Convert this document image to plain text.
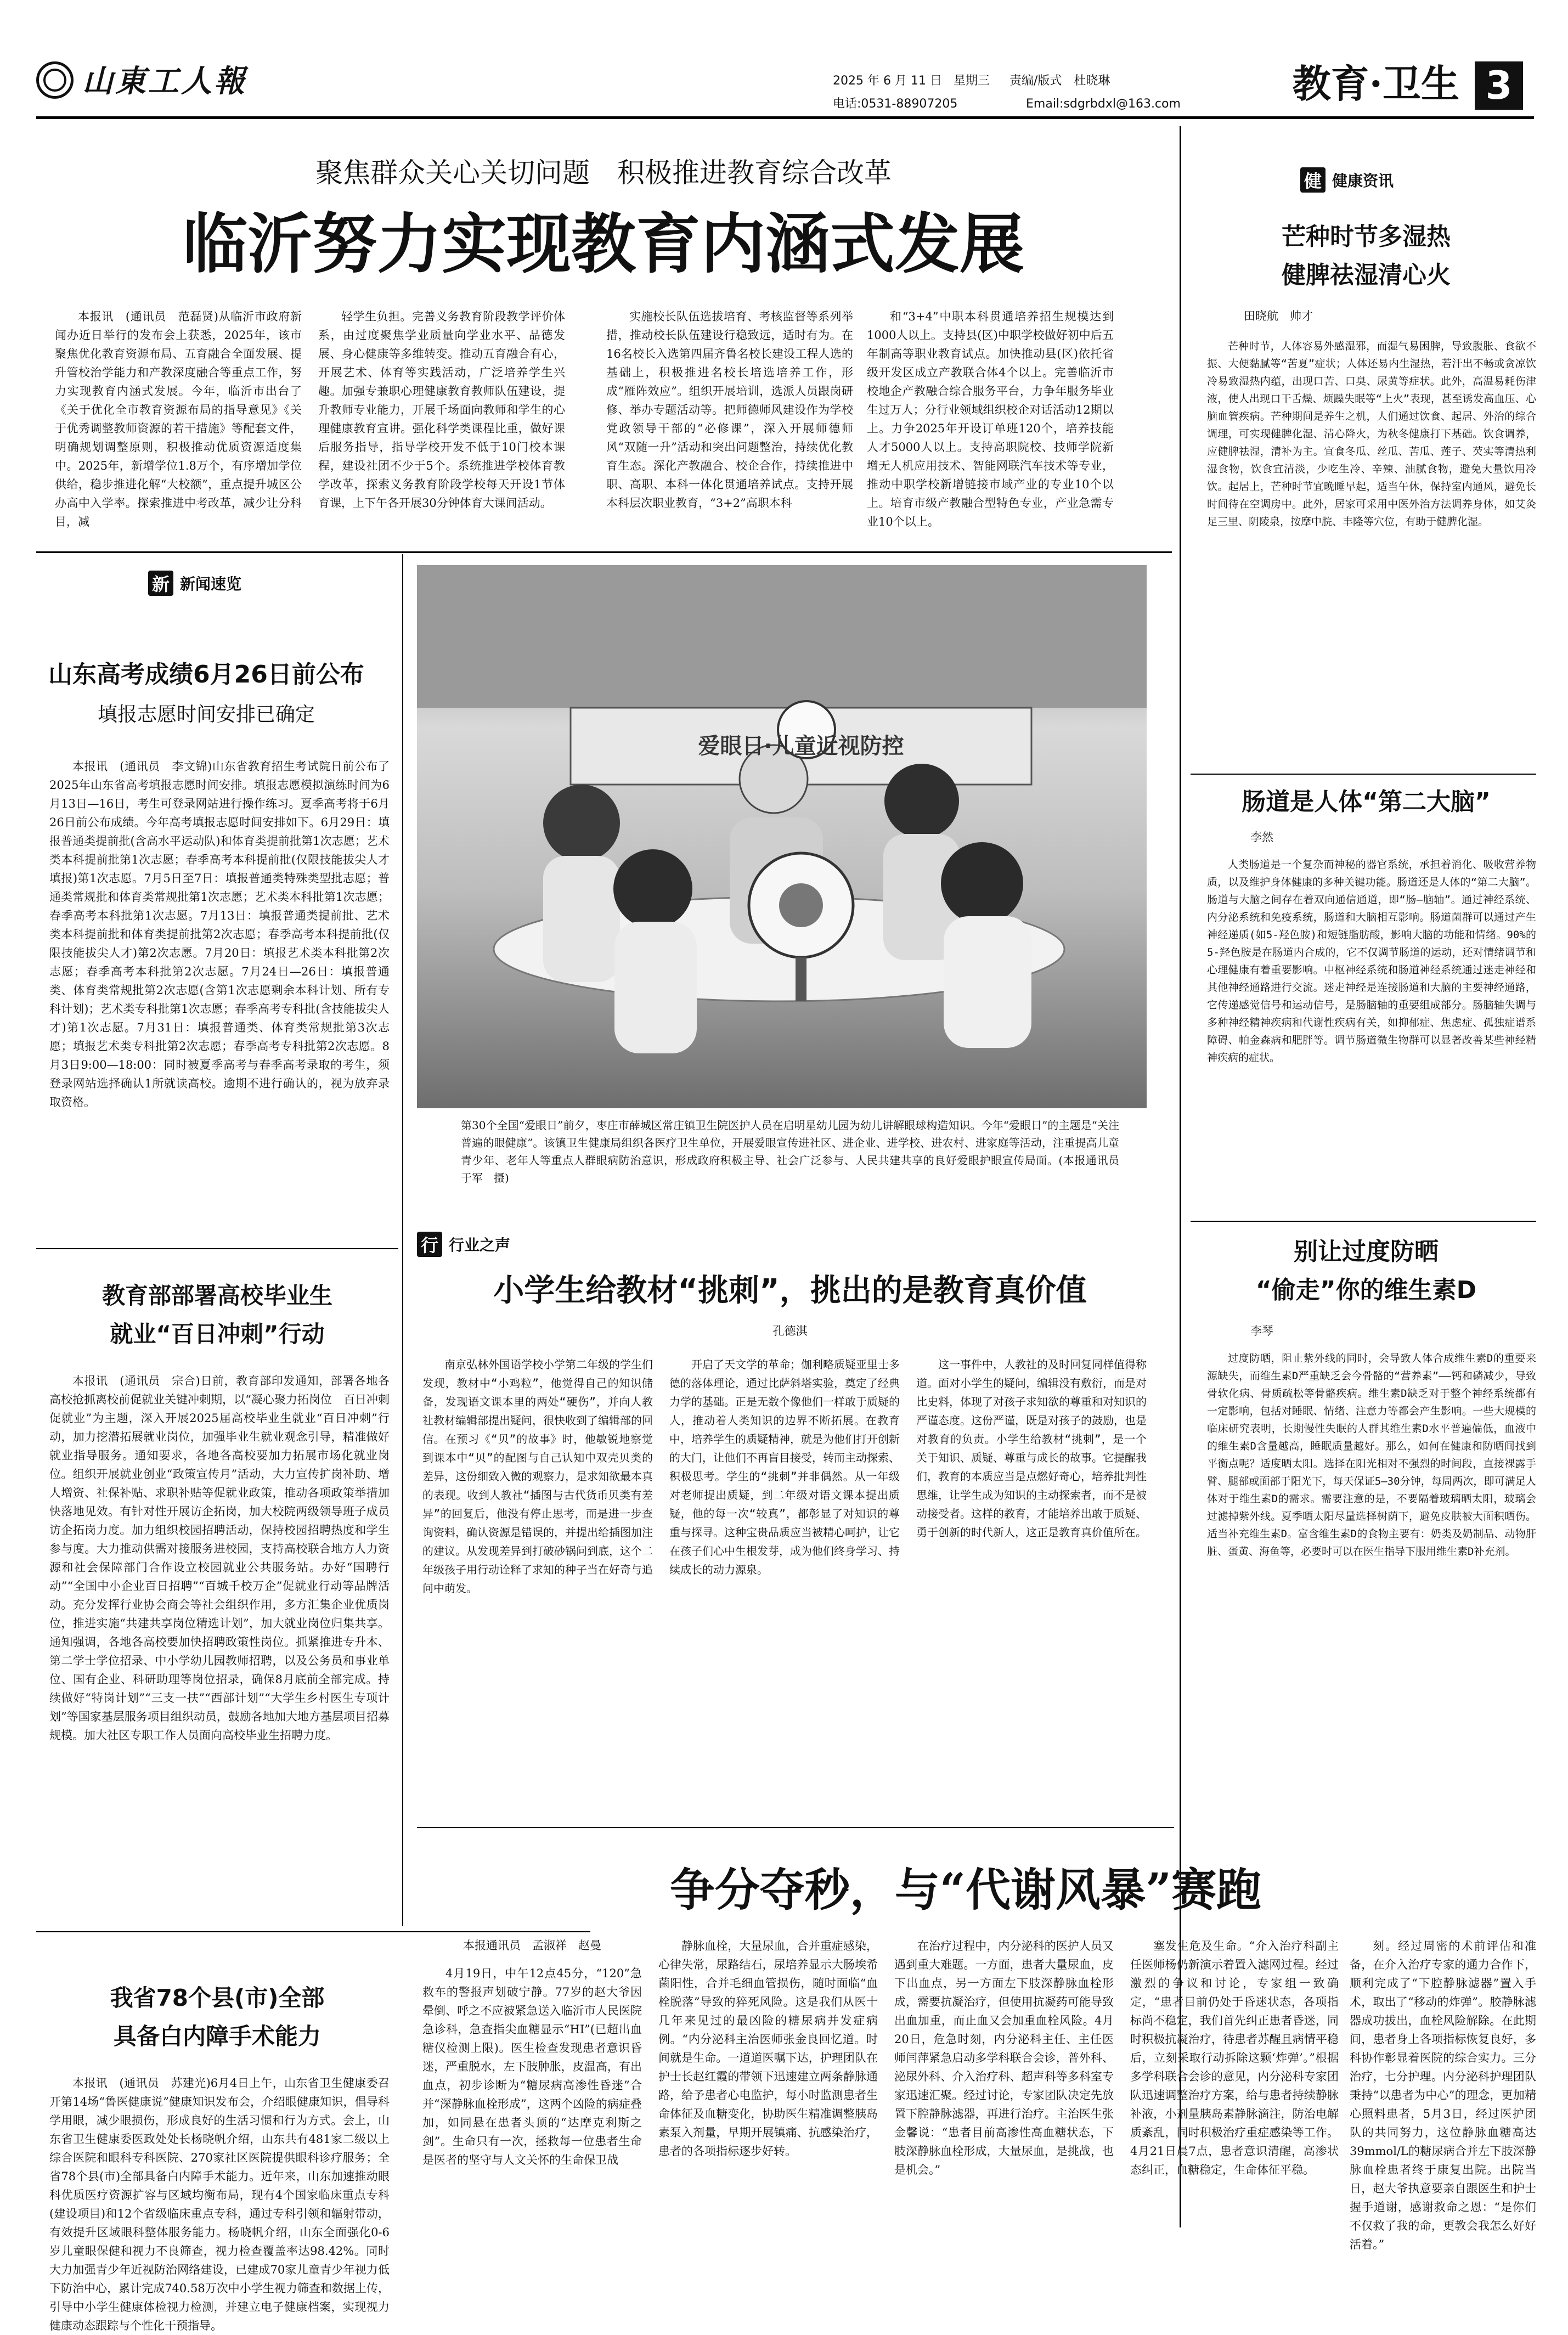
山東工人報	2025 年 6 月 11 日 星期三	责编/版式　杜晓琳
电话:0531-88907205	Email:sdgrbdxl@163.com	教育·卫生 3
聚焦群众关心关切问题　积极推进教育综合改革
临沂努力实现教育内涵式发展

本报讯　(通讯员　范磊贤)从临沂市政府新闻办近日举行的发布会上获悉，2025年，该市聚焦优化教育资源布局、五育融合全面发展、提升管校治学能力和产教深度融合等重点工作，努力实现教育内涵式发展。今年，临沂市出台了《关于优化全市教育资源布局的指导意见》《关于优秀调整教师资源的若干措施》等配套文件，明确规划调整原则，积极推动优质资源适度集中。2025年，新增学位1.8万个，有序增加学位供给，稳步推进化解“大校额”，重点提升城区公办高中入学率。探索推进中考改革，减少让分科目，减

轻学生负担。完善义务教育阶段教学评价体系，由过度聚焦学业质量向学业水平、品德发展、身心健康等多维转变。推动五育融合有心，开展艺术、体育等实践活动，广泛培养学生兴趣。加强专兼职心理健康教育教师队伍建设，提升教师专业能力，开展千场面向教师和学生的心理健康教育宣讲。强化科学类课程比重，做好课后服务指导，指导学校开发不低于10门校本课程，建设社团不少于5个。系统推进学校体育教学改革，探索义务教育阶段学校每天开设1节体育课，上下午各开展30分钟体育大课间活动。

实施校长队伍选拔培育、考核监督等系列举措，推动校长队伍建设行稳致远，适时有为。在16名校长入选第四届齐鲁名校长建设工程人选的基础上，积极推进名校长培选培养工作，形成“雁阵效应”。组织开展培训，选派人员跟岗研修、举办专题活动等。把师德师风建设作为学校党政领导干部的“必修课”，深入开展师德师风“双随一升”活动和突出问题整治，持续优化教育生态。深化产教融合、校企合作，持续推进中职、高职、本科一体化贯通培养试点。支持开展本科层次职业教育，“3+2”高职本科

和“3+4”中职本科贯通培养招生规模达到1000人以上。支持县(区)中职学校做好初中后五年制高等职业教育试点。加快推动县(区)依托省级开发区成立产教联合体4个以上。完善临沂市校地企产教融合综合服务平台，力争年服务毕业生过万人；分行业领域组织校企对话活动12期以上。力争2025年开设订单班120个，培养技能人才5000人以上。支持高职院校、技师学院新增无人机应用技术、智能网联汽车技术等专业，推动中职学校新增链接市域产业的专业10个以上。培育市级产教融合型特色专业，产业急需专业10个以上。

新 新闻速览
山东高考成绩6月26日前公布
填报志愿时间安排已确定

本报讯　(通讯员　李文锦)山东省教育招生考试院日前公布了2025年山东省高考填报志愿时间安排。填报志愿模拟演练时间为6月13日—16日，考生可登录网站进行操作练习。夏季高考将于6月26日前公布成绩。今年高考填报志愿时间安排如下。6月29日：填报普通类提前批(含高水平运动队)和体育类提前批第1次志愿；艺术类本科提前批第1次志愿；春季高考本科提前批(仅限技能拔尖人才填报)第1次志愿。7月5日至7日：填报普通类特殊类型批志愿；普通类常规批和体育类常规批第1次志愿；艺术类本科批第1次志愿；春季高考本科批第1次志愿。7月13日：填报普通类提前批、艺术类本科提前批和体育类提前批第2次志愿；春季高考本科提前批(仅限技能拔尖人才)第2次志愿。7月20日：填报艺术类本科批第2次志愿；春季高考本科批第2次志愿。7月24日—26日：填报普通类、体育类常规批第2次志愿(含第1次志愿剩余本科计划、所有专科计划)；艺术类专科批第1次志愿；春季高考专科批(含技能拔尖人才)第1次志愿。7月31日：填报普通类、体育类常规批第3次志愿；填报艺术类专科批第2次志愿；春季高考专科批第2次志愿。8月3日9:00—18:00：同时被夏季高考与春季高考录取的考生，须登录网站选择确认1所就读高校。逾期不进行确认的，视为放弃录取资格。

教育部部署高校毕业生
就业“百日冲刺”行动

本报讯　(通讯员　宗合)日前，教育部印发通知，部署各地各高校抢抓离校前促就业关键冲刺期，以“凝心聚力拓岗位　百日冲刺促就业”为主题，深入开展2025届高校毕业生就业“百日冲刺”行动，加力挖潜拓展就业岗位，加强毕业生就业观念引导，精准做好就业指导服务。通知要求，各地各高校要加力拓展市场化就业岗位。组织开展就业创业“政策宣传月”活动，大力宣传扩岗补助、增人增资、社保补贴、求职补贴等促就业政策，推动各项政策举措加快落地见效。有针对性开展访企拓岗，加大校院两级领导班子成员访企拓岗力度。加力组织校园招聘活动，保持校园招聘热度和学生参与度。大力推动供需对接服务进校园，支持高校联合地方人力资源和社会保障部门合作设立校园就业公共服务站。办好“国聘行动”“全国中小企业百日招聘”“百城千校万企”促就业行动等品牌活动。充分发挥行业协会商会等社会组织作用，多方汇集企业优质岗位，推进实施“共建共享岗位精选计划”，加大就业岗位归集共享。通知强调，各地各高校要加快招聘政策性岗位。抓紧推进专升本、第二学士学位招录、中小学幼儿园教师招聘，以及公务员和事业单位、国有企业、科研助理等岗位招录，确保8月底前全部完成。持续做好“特岗计划”“三支一扶”“西部计划”“大学生乡村医生专项计划”等国家基层服务项目组织动员，鼓励各地加大地方基层项目招募规模。加大社区专职工作人员面向高校毕业生招聘力度。

我省78个县(市)全部
具备白内障手术能力

本报讯　(通讯员　苏建光)6月4日上午，山东省卫生健康委召开第14场“鲁医健康说”健康知识发布会，介绍眼健康知识，倡导科学用眼，减少眼损伤，形成良好的生活习惯和行为方式。会上，山东省卫生健康委医政处处长杨晓帆介绍，山东共有481家二级以上综合医院和眼科专科医院、270家社区医院提供眼科诊疗服务；全省78个县(市)全部具备白内障手术能力。近年来，山东加速推动眼科优质医疗资源扩容与区域均衡布局，现有4个国家临床重点专科(建设项目)和12个省级临床重点专科，通过专科引领和辐射带动，有效提升区域眼科整体服务能力。杨晓帆介绍，山东全面强化0-6岁儿童眼保健和视力不良筛查，视力检查覆盖率达98.42%。同时大力加强青少年近视防治网络建设，已建成70家儿童青少年视力低下防治中心，累计完成740.58万次中小学生视力筛查和数据上传，引导中小学生健康体检视力检测，并建立电子健康档案，实现视力健康动态跟踪与个性化干预指导。

爱眼日·儿童近视防控
第30个全国“爱眼日”前夕，枣庄市薛城区常庄镇卫生院医护人员在启明星幼儿园为幼儿讲解眼球构造知识。今年“爱眼日”的主题是“关注普遍的眼健康”。该镇卫生健康局组织各医疗卫生单位，开展爱眼宣传进社区、进企业、进学校、进农村、进家庭等活动，注重提高儿童青少年、老年人等重点人群眼病防治意识，形成政府积极主导、社会广泛参与、人民共建共享的良好爱眼护眼宣传局面。(本报通讯员　于军　摄)
行 行业之声
小学生给教材“挑刺”，挑出的是教育真价值
孔德淇

南京弘林外国语学校小学第二年级的学生们发现，教材中“小鸡粒”，他觉得自己的知识储备，发现语文课本里的两处“硬伤”，并向人教社教材编辑部提出疑问，很快收到了编辑部的回信。在预习《“贝”的故事》时，他敏锐地察觉到课本中“贝”的配图与自己认知中双壳贝类的差异，这份细致入微的观察力，是求知欲最本真的表现。收到人教社“插图与古代货币贝类有差异”的回复后，他没有停止思考，而是进一步查询资料，确认资源是错误的，并提出给插图加注的建议。从发现差异到打破砂锅问到底，这个二年级孩子用行动诠释了求知的种子当在好奇与追问中萌发。

开启了天文学的革命；伽利略质疑亚里士多德的落体理论，通过比萨斜塔实验，奠定了经典力学的基础。正是无数个像他们一样敢于质疑的人，推动着人类知识的边界不断拓展。在教育中，培养学生的质疑精神，就是为他们打开创新的大门，让他们不再盲目接受，转而主动探索、积极思考。学生的“挑刺”并非偶然。从一年级对老师提出质疑，到二年级对语文课本提出质疑，他的每一次“较真”，都彰显了对知识的尊重与探寻。这种宝贵品质应当被精心呵护，让它在孩子们心中生根发芽，成为他们终身学习、持续成长的动力源泉。

这一事件中，人教社的及时回复同样值得称道。面对小学生的疑问，编辑没有敷衍，而是对比史料，体现了对孩子求知欲的尊重和对知识的严谨态度。这份严谨，既是对孩子的鼓励，也是对教育的负责。小学生给教材“挑刺”，是一个关于知识、质疑、尊重与成长的故事。它提醒我们，教育的本质应当是点燃好奇心，培养批判性思维，让学生成为知识的主动探索者，而不是被动接受者。这样的教育，才能培养出敢于质疑、勇于创新的时代新人，这正是教育真价值所在。

争分夺秒，与“代谢风暴”赛跑
本报通讯员　孟淑祥　赵曼

4月19日，中午12点45分，“120”急救车的警报声划破宁静。77岁的赵大爷因晕倒、呼之不应被紧急送入临沂市人民医院急诊科，急查指尖血糖显示“HI”(已超出血糖仪检测上限)。医生检查发现患者意识昏迷，严重脱水，左下肢肿胀，皮温高，有出血点，初步诊断为“糖尿病高渗性昏迷”合并“深静脉血栓形成”，这两个凶险的病症叠加，如同悬在患者头顶的“达摩克利斯之剑”。生命只有一次，拯救每一位患者生命是医者的坚守与人文关怀的生命保卫战

静脉血栓，大量尿血，合并重症感染，心律失常，尿路结石，尿培养显示大肠埃希菌阳性，合并毛细血管损伤，随时面临“血栓脱落”导致的猝死风险。这是我们从医十几年来见过的最凶险的糖尿病并发症病例。“内分泌科主治医师张金良回忆道。时间就是生命。一道道医嘱下达，护理团队在护士长赵红霞的带领下迅速建立两条静脉通路，给予患者心电监护，每小时监测患者生命体征及血糖变化，协助医生精准调整胰岛素泵入剂量，早期开展镇痛、抗感染治疗，患者的各项指标逐步好转。

在治疗过程中，内分泌科的医护人员又遇到重大难题。一方面，患者大量尿血，皮下出血点，另一方面左下肢深静脉血栓形成，需要抗凝治疗，但使用抗凝药可能导致出血加重，而止血又会加重血栓风险。4月20日，危急时刻，内分泌科主任、主任医师闫萍紧急启动多学科联合会诊，普外科、泌尿外科、介入治疗科、超声科等多科室专家迅速汇聚。经过讨论，专家团队决定先放置下腔静脉滤器，再进行治疗。主治医生张金馨说：“患者目前高渗性高血糖状态，下肢深静脉血栓形成，大量尿血，是挑战，也是机会。”

塞发生危及生命。“介入治疗科副主任医师杨仍新演示着置入滤网过程。经过激烈的争议和讨论，专家组一致确定，“患者目前仍处于昏迷状态，各项指标尚不稳定，我们首先纠正患者昏迷，同时积极抗凝治疗，待患者苏醒且病情平稳后，立刻采取行动拆除这颗‘炸弹’。”根据多学科联合会诊的意见，内分泌科专家团队迅速调整治疗方案，给与患者持续静脉补液，小剂量胰岛素静脉滴注，防治电解质紊乱，同时积极治疗重症感染等工作。4月21日晨7点，患者意识清醒，高渗状态纠正，血糖稳定，生命体征平稳。

刻。经过周密的术前评估和准备，在介入治疗专家的通力合作下，顺利完成了“下腔静脉滤器”置入手术，取出了“移动的炸弹”。胶静脉滤器成功拔出，血栓风险解除。在此期间，患者身上各项指标恢复良好，多科协作彰显着医院的综合实力。三分治疗，七分护理。内分泌科护理团队秉持“以患者为中心”的理念，更加精心照料患者，5月3日，经过医护团队的共同努力，这位静脉血糖高达39mmol/L的糖尿病合并左下肢深静脉血栓患者终于康复出院。出院当日，赵大爷执意要亲自跟医生和护士握手道谢，感谢救命之恩：“是你们不仅救了我的命，更教会我怎么好好活着。”

健 健康资讯
芒种时节多湿热
健脾祛湿清心火
田晓航　帅才

芒种时节，人体容易外感湿邪，而湿气易困脾，导致腹胀、食欲不振、大便黏腻等“苦夏”症状；人体还易内生湿热，若汗出不畅或贪凉饮冷易致湿热内蕴，出现口苦、口臭、尿黄等症状。此外，高温易耗伤津液，使人出现口干舌燥、烦躁失眠等“上火”表现，甚至诱发高血压、心脑血管疾病。芒种期间是养生之机，人们通过饮食、起居、外治的综合调理，可实现健脾化湿、清心降火，为秋冬健康打下基础。饮食调养，应健脾祛湿，清补为主。宜食冬瓜、丝瓜、苦瓜、莲子、芡实等清热利湿食物，饮食宜清淡，少吃生冷、辛辣、油腻食物，避免大量饮用冷饮。起居上，芒种时节宜晚睡早起，适当午休，保持室内通风，避免长时间待在空调房中。此外，居家可采用中医外治方法调养身体，如艾灸足三里、阴陵泉，按摩中脘、丰隆等穴位，有助于健脾化湿。

肠道是人体“第二大脑”
李然

人类肠道是一个复杂而神秘的器官系统，承担着消化、吸收营养物质，以及维护身体健康的多种关键功能。肠道还是人体的“第二大脑”。肠道与大脑之间存在着双向通信通道，即“肠—脑轴”。通过神经系统、内分泌系统和免疫系统，肠道和大脑相互影响。肠道菌群可以通过产生神经递质(如5-羟色胺)和短链脂肪酸，影响大脑的功能和情绪。90%的5-羟色胺是在肠道内合成的，它不仅调节肠道的运动，还对情绪调节和心理健康有着重要影响。中枢神经系统和肠道神经系统通过迷走神经和其他神经通路进行交流。迷走神经是连接肠道和大脑的主要神经通路，它传递感觉信号和运动信号，是肠脑轴的重要组成部分。肠脑轴失调与多种神经精神疾病和代谢性疾病有关，如抑郁症、焦虑症、孤独症谱系障碍、帕金森病和肥胖等。调节肠道微生物群可以显著改善某些神经精神疾病的症状。

别让过度防晒
“偷走”你的维生素D
李琴

过度防晒，阻止紫外线的同时，会导致人体合成维生素D的重要来源缺失，而维生素D严重缺乏会今骨骼的“营养素”——钙和磷减少，导致骨软化病、骨质疏松等骨骼疾病。维生素D缺乏对于整个神经系统都有一定影响，包括对睡眠、情绪、注意力等都会产生影响。一些大规模的临床研究表明，长期慢性失眠的人群其维生素D水平普遍偏低，血液中的维生素D含量越高，睡眠质量越好。那么，如何在健康和防晒间找到平衡点呢？适度晒太阳。选择在阳光相对不强烈的时间段，直接裸露手臂、腿部或面部于阳光下，每天保证5—30分钟，每周两次，即可满足人体对于维生素D的需求。需要注意的是，不要隔着玻璃晒太阳，玻璃会过滤掉紫外线。夏季晒太阳尽量选择树荫下，避免皮肤被大面积晒伤。适当补充维生素D。富含维生素D的食物主要有：奶类及奶制品、动物肝脏、蛋黄、海鱼等，必要时可以在医生指导下服用维生素D补充剂。
